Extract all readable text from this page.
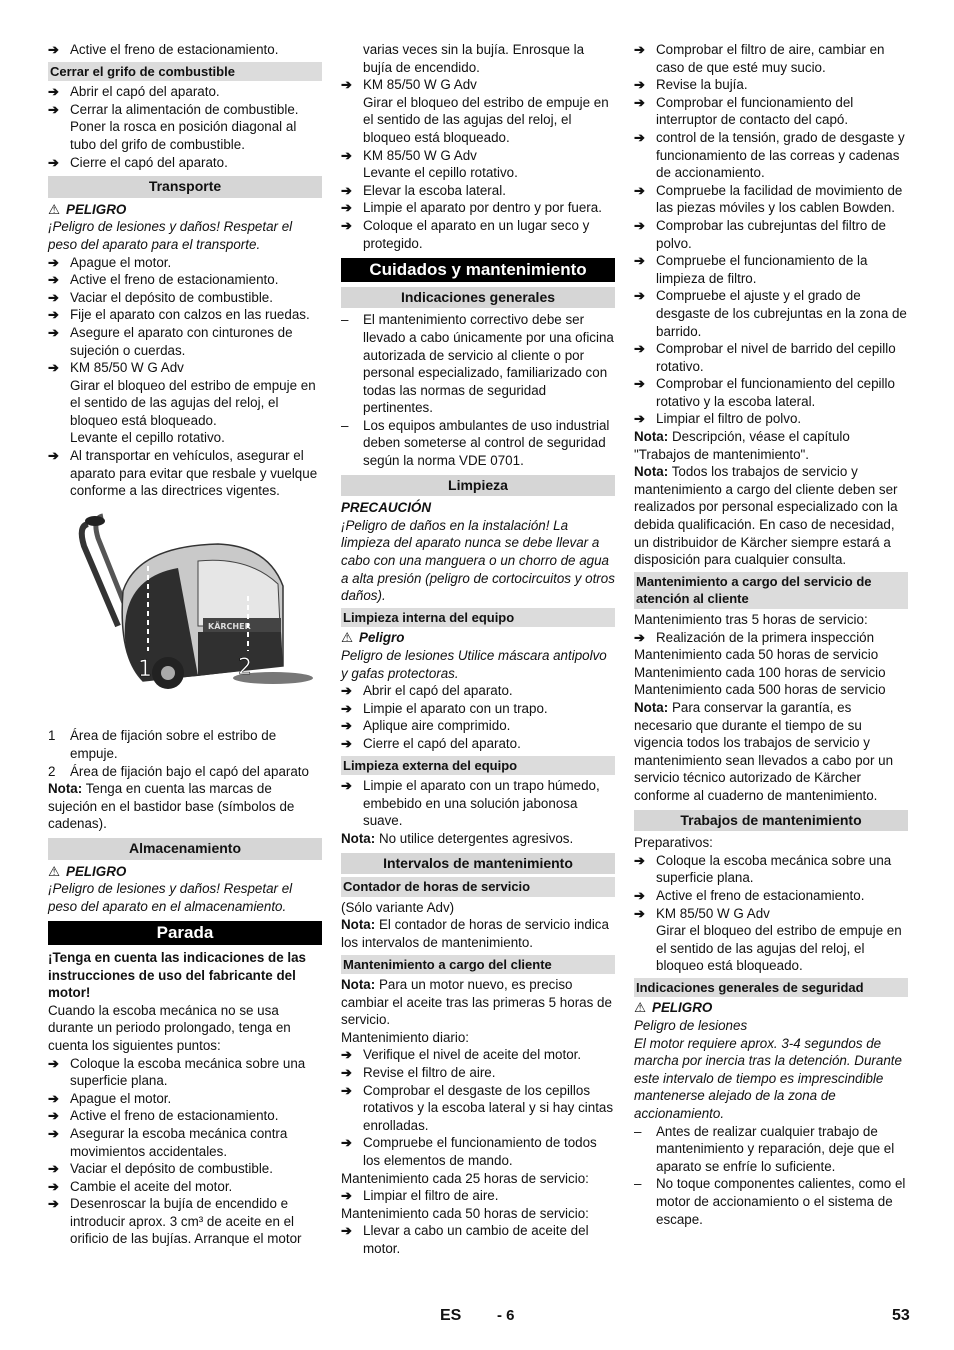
➔ Active el freno de estacionamiento.
Cerrar el grifo de combustible
➔ Abrir el capó del aparato.
➔ Cerrar la alimentación de combustible. Poner la rosca en posición diagonal al tubo del grifo de combustible.
➔ Cierre el capó del aparato.
Transporte
⚠ PELIGRO
¡Peligro de lesiones y daños! Respetar el peso del aparato para el transporte.
➔ Apague el motor.
➔ Active el freno de estacionamiento.
➔ Vaciar el depósito de combustible.
➔ Fije el aparato con calzos en las ruedas.
➔ Asegure el aparato con cinturones de sujeción o cuerdas.
➔ KM 85/50 W G Adv
Girar el bloqueo del estribo de empuje en el sentido de las agujas del reloj, el bloqueo está bloqueado.
Levante el cepillo rotativo.
➔ Al transportar en vehículos, asegurar el aparato para evitar que resbale y vuelque conforme a las directrices vigentes.
KÄRCHER
1	2
1 Área de fijación sobre el estribo de empuje.
2 Área de fijación bajo el capó del aparato
Nota: Tenga en cuenta las marcas de sujeción en el bastidor base (símbolos de cadenas).
Almacenamiento
⚠ PELIGRO
¡Peligro de lesiones y daños! Respetar el peso del aparato en el almacenamiento.
Parada
¡Tenga en cuenta las indicaciones de las instrucciones de uso del fabricante del motor!
Cuando la escoba mecánica no se usa durante un periodo prolongado, tenga en cuenta los siguientes puntos:
➔ Coloque la escoba mecánica sobre una superficie plana.
➔ Apague el motor.
➔ Active el freno de estacionamiento.
➔ Asegurar la escoba mecánica contra movimientos accidentales.
➔ Vaciar el depósito de combustible.
➔ Cambie el aceite del motor.
➔ Desenroscar la bujía de encendido e introducir aprox. 3 cm³ de aceite en el orificio de las bujías. Arranque el motor
varias veces sin la bujía. Enrosque la bujía de encendido.
➔ KM 85/50 W G Adv
Girar el bloqueo del estribo de empuje en el sentido de las agujas del reloj, el bloqueo está bloqueado.
➔ KM 85/50 W G Adv
Levante el cepillo rotativo.
➔ Elevar la escoba lateral.
➔ Limpie el aparato por dentro y por fuera.
➔ Coloque el aparato en un lugar seco y protegido.
Cuidados y mantenimiento
Indicaciones generales
– El mantenimiento correctivo debe ser llevado a cabo únicamente por una oficina autorizada de servicio al cliente o por personal especializado, familiarizado con todas las normas de seguridad pertinentes.
– Los equipos ambulantes de uso industrial deben someterse al control de seguridad según la norma VDE 0701.
Limpieza
PRECAUCIÓN
¡Peligro de daños en la instalación! La limpieza del aparato nunca se debe llevar a cabo con una manguera o un chorro de agua a alta presión (peligro de cortocircuitos y otros daños).
Limpieza interna del equipo
⚠ Peligro
Peligro de lesiones Utilice máscara antipolvo y gafas protectoras.
➔ Abrir el capó del aparato.
➔ Limpie el aparato con un trapo.
➔ Aplique aire comprimido.
➔ Cierre el capó del aparato.
Limpieza externa del equipo
➔ Limpie el aparato con un trapo húmedo, embebido en una solución jabonosa suave.
Nota: No utilice detergentes agresivos.
Intervalos de mantenimiento
Contador de horas de servicio
(Sólo variante Adv)
Nota: El contador de horas de servicio indica los intervalos de mantenimiento.
Mantenimiento a cargo del cliente
Nota: Para un motor nuevo, es preciso cambiar el aceite tras las primeras 5 horas de servicio.
Mantenimiento diario:
➔ Verifique el nivel de aceite del motor.
➔ Revise el filtro de aire.
➔ Comprobar el desgaste de los cepillos rotativos y la escoba lateral y si hay cintas enrolladas.
➔ Compruebe el funcionamiento de todos los elementos de mando.
Mantenimiento cada 25 horas de servicio:
➔ Limpiar el filtro de aire.
Mantenimiento cada 50 horas de servicio:
➔ Llevar a cabo un cambio de aceite del motor.
➔ Comprobar el filtro de aire, cambiar en caso de que esté muy sucio.
➔ Revise la bujía.
➔ Comprobar el funcionamiento del interruptor de contacto del capó.
➔ control de la tensión, grado de desgaste y funcionamiento de las correas y cadenas de accionamiento.
➔ Compruebe la facilidad de movimiento de las piezas móviles y los cablen Bowden.
➔ Comprobar las cubrejuntas del filtro de polvo.
➔ Compruebe el funcionamiento de la limpieza de filtro.
➔ Compruebe el ajuste y el grado de desgaste de los cubrejuntas en la zona de barrido.
➔ Comprobar el nivel de barrido del cepillo rotativo.
➔ Comprobar el funcionamiento del cepillo rotativo y la escoba lateral.
➔ Limpiar el filtro de polvo.
Nota: Descripción, véase el capítulo "Trabajos de mantenimiento".
Nota: Todos los trabajos de servicio y mantenimiento a cargo del cliente deben ser realizados por personal especializado con la debida qualificación. En caso de necesidad, un distribuidor de Kärcher siempre estará a disposición para cualquier consulta.
Mantenimiento a cargo del servicio de atención al cliente
Mantenimiento tras 5 horas de servicio:
➔ Realización de la primera inspección
Mantenimiento cada 50 horas de servicio
Mantenimiento cada 100 horas de servicio
Mantenimiento cada 500 horas de servicio
Nota: Para conservar la garantía, es necesario que durante el tiempo de su vigencia todos los trabajos de servicio y mantenimiento sean llevados a cabo por un servicio técnico autorizado de Kärcher conforme al cuaderno de mantenimiento.
Trabajos de mantenimiento
Preparativos:
➔ Coloque la escoba mecánica sobre una superficie plana.
➔ Active el freno de estacionamiento.
➔ KM 85/50 W G Adv
Girar el bloqueo del estribo de empuje en el sentido de las agujas del reloj, el bloqueo está bloqueado.
Indicaciones generales de seguridad
⚠ PELIGRO
Peligro de lesiones
El motor requiere aprox. 3-4 segundos de marcha por inercia tras la detención. Durante este intervalo de tiempo es imprescindible mantenerse alejado de la zona de accionamiento.
– Antes de realizar cualquier trabajo de mantenimiento y reparación, deje que el aparato se enfríe lo suficiente.
– No toque componentes calientes, como el motor de accionamiento o el sistema de escape.
ES - 6	53
